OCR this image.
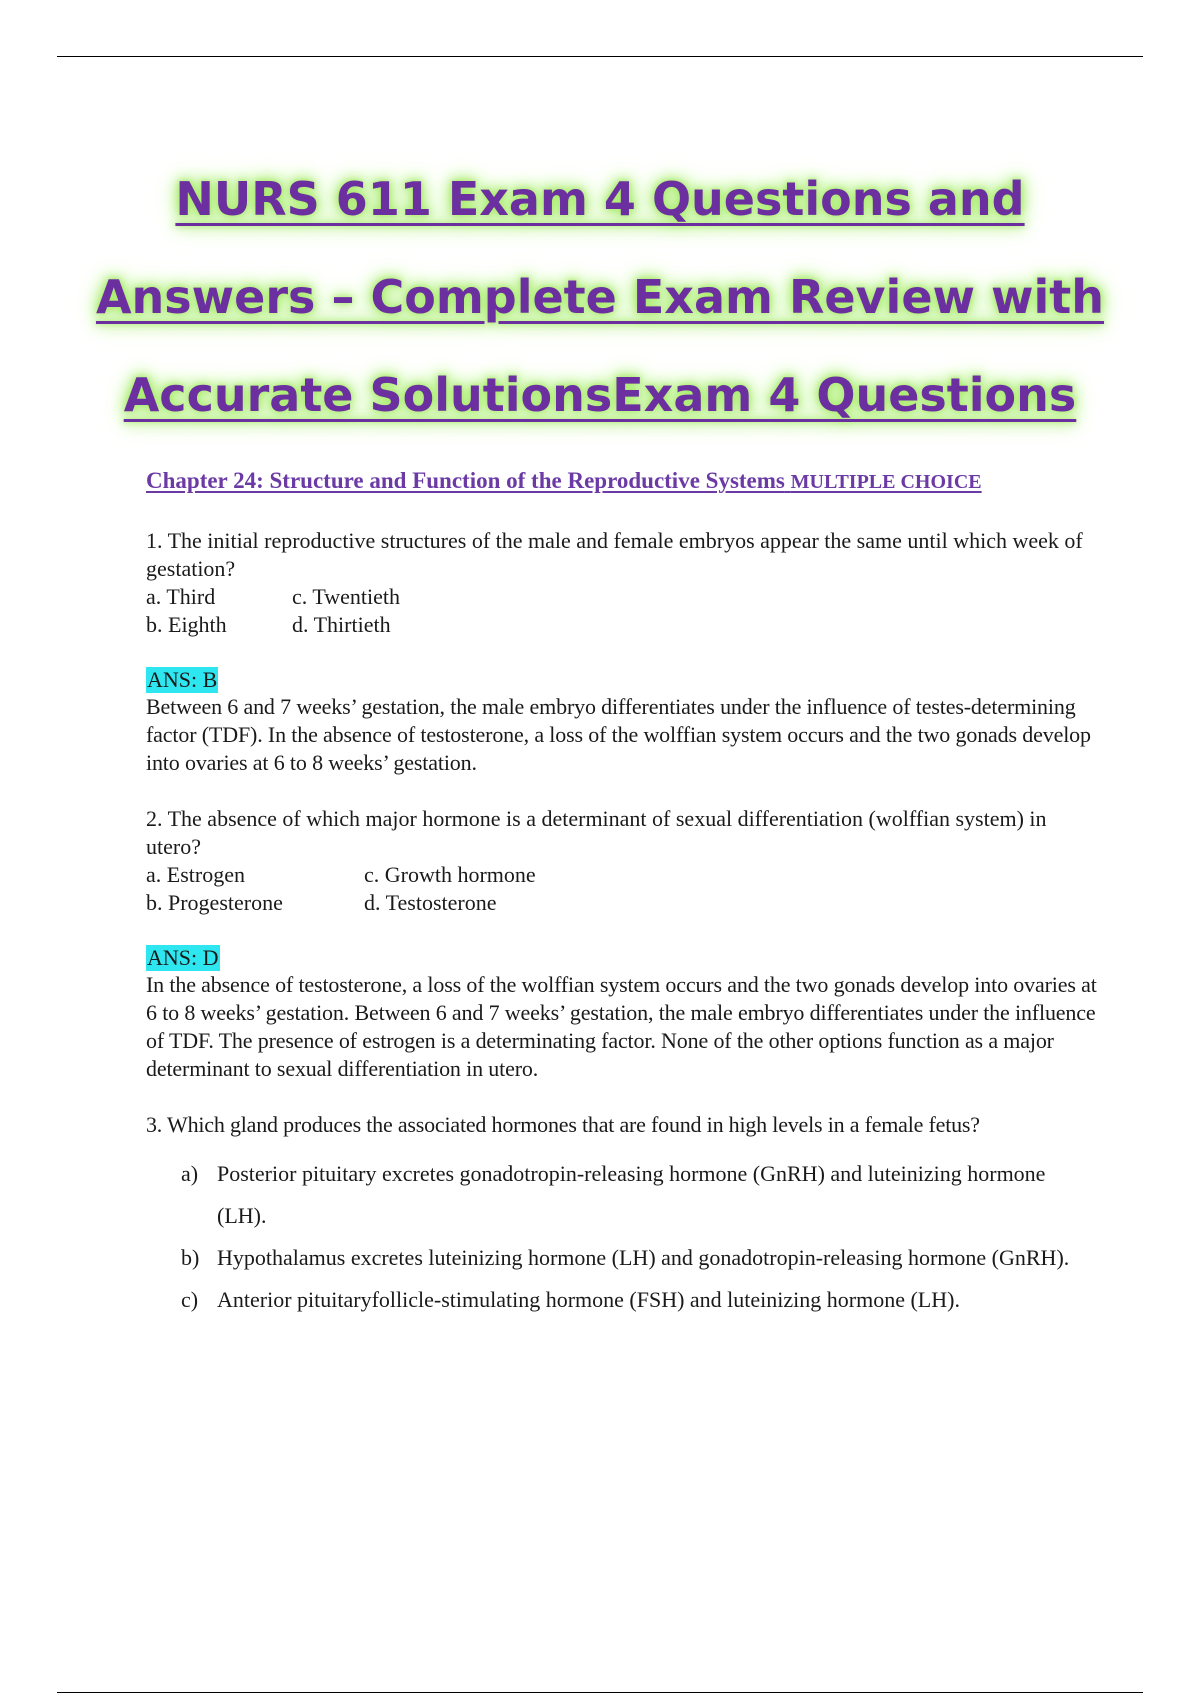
NURS 611 Exam 4 Questions and
Answers – Complete Exam Review with
Accurate SolutionsExam 4 Questions

Chapter 24: Structure and Function of the Reproductive Systems MULTIPLE CHOICE

1. The initial reproductive structures of the male and female embryos appear the same until which week of gestation?

a. Third	c. Twentieth
b. Eighth	d. Thirtieth
ANS: B

Between 6 and 7 weeks’ gestation, the male embryo differentiates under the influence of testes-determining factor (TDF). In the absence of testosterone, a loss of the wolffian system occurs and the two gonads develop into ovaries at 6 to 8 weeks’ gestation.

2. The absence of which major hormone is a determinant of sexual differentiation (wolffian system) in utero?

a. Estrogen	c. Growth hormone
b. Progesterone	d. Testosterone
ANS: D

In the absence of testosterone, a loss of the wolffian system occurs and the two gonads develop into ovaries at 6 to 8 weeks’ gestation. Between 6 and 7 weeks’ gestation, the male embryo differentiates under the influence of TDF. The presence of estrogen is a determinating factor. None of the other options function as a major determinant to sexual differentiation in utero.

3. Which gland produces the associated hormones that are found in high levels in a female fetus?

a) Posterior pituitary excretes gonadotropin-releasing hormone (GnRH) and luteinizing hormone (LH).
b) Hypothalamus excretes luteinizing hormone (LH) and gonadotropin-releasing hormone (GnRH).
c) Anterior pituitaryfollicle-stimulating hormone (FSH) and luteinizing hormone (LH).
